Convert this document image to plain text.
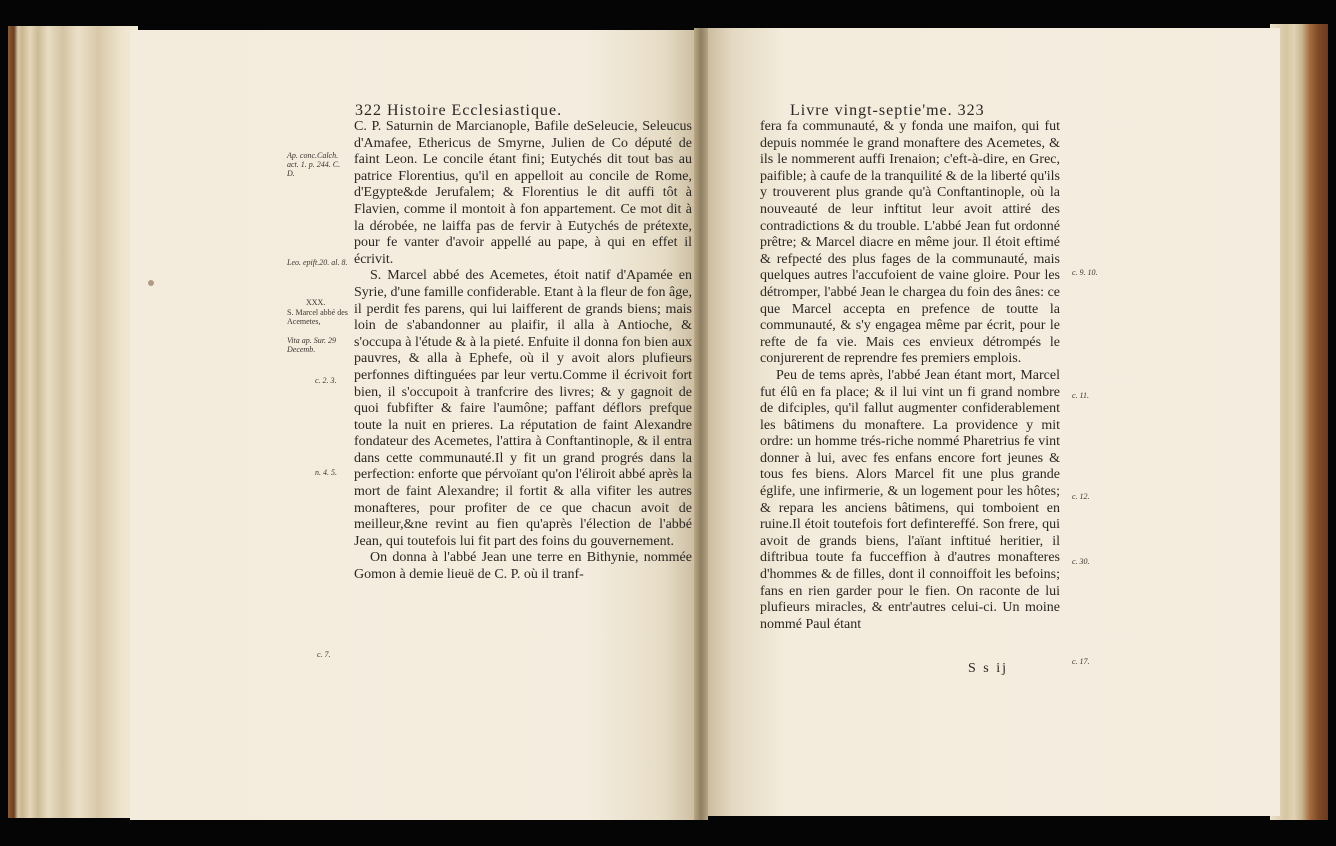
322 Histoire Ecclesiastique.
Ap. conc.Calch. act. 1. p. 244. C. D.
Leo. epift.20. al. 8.
XXX.
S. Marcel abbé des Acemetes,
Vita ap. Sur. 29 Decemb.
c. 2. 3.
n. 4. 5.
c. 7.

C. P. Saturnin de Marcianople, Bafile deSeleucie, Seleucus d'Amafee, Ethericus de Smyrne, Julien de Co député de faint Leon. Le concile étant fini; Eutychés dit tout bas au patrice Florentius, qu'il en appelloit au concile de Rome, d'Egypte&de Jerufalem; & Florentius le dit auffi tôt à Flavien, comme il montoit à fon appartement. Ce mot dit à la dérobée, ne laiffa pas de fervir à Eutychés de prétexte, pour fe vanter d'avoir appellé au pape, à qui en effet il écrivit.

S. Marcel abbé des Acemetes, étoit natif d'Apamée en Syrie, d'une famille confiderable. Etant à la fleur de fon âge, il perdit fes parens, qui lui laifferent de grands biens; mais loin de s'abandonner au plaifir, il alla à Antioche, & s'occupa à l'étude & à la pieté. Enfuite il donna fon bien aux pauvres, & alla à Ephefe, où il y avoit alors plufieurs perfonnes diftinguées par leur vertu.Comme il écrivoit fort bien, il s'occupoit à tranfcrire des livres; & y gagnoit de quoi fubfifter & faire l'aumône; paffant déflors prefque toute la nuit en prieres. La réputation de faint Alexandre fondateur des Acemetes, l'attira à Conftantinople, & il entra dans cette communauté.Il y fit un grand progrés dans la perfection: enforte que pérvoïant qu'on l'éliroit abbé après la mort de faint Alexandre; il fortit & alla vifiter les autres monafteres, pour profiter de ce que chacun avoit de meilleur,&ne revint au fien qu'après l'élection de l'abbé Jean, qui toutefois lui fit part des foins du gouvernement.

On donna à l'abbé Jean une terre en Bithynie, nommée Gomon à demie lieuë de C. P. où il tranf-

Livre vingt-septie'me. 323

fera fa communauté, & y fonda une maifon, qui fut depuis nommée le grand monaftere des Acemetes, & ils le nommerent auffi Irenaion; c'eft-à-dire, en Grec, paifible; à caufe de la tranquilité & de la liberté qu'ils y trouverent plus grande qu'à Conftantinople, où la nouveauté de leur inftitut leur avoit attiré des contradictions & du trouble. L'abbé Jean fut ordonné prêtre; & Marcel diacre en même jour. Il étoit eftimé & refpecté des plus fages de la communauté, mais quelques autres l'accufoient de vaine gloire. Pour les détromper, l'abbé Jean le chargea du foin des ânes: ce que Marcel accepta en prefence de toutte la communauté, & s'y engagea même par écrit, pour le refte de fa vie. Mais ces envieux détrompés le conjurerent de reprendre fes premiers emplois.

Peu de tems après, l'abbé Jean étant mort, Marcel fut élû en fa place; & il lui vint un fi grand nombre de difciples, qu'il fallut augmenter confiderablement les bâtimens du monaftere. La providence y mit ordre: un homme trés-riche nommé Pharetrius fe vint donner à lui, avec fes enfans encore fort jeunes & tous fes biens. Alors Marcel fit une plus grande églife, une infirmerie, & un logement pour les hôtes; & repara les anciens bâtimens, qui tomboient en ruine.Il étoit toutefois fort defintereffé. Son frere, qui avoit de grands biens, l'aïant inftitué heritier, il diftribua toute fa fucceffion à d'autres monafteres d'hommes & de filles, dont il connoiffoit les befoins; fans en rien garder pour le fien. On raconte de lui plufieurs miracles, & entr'autres celui-ci. Un moine nommé Paul étant

S s ij
c. 9. 10.
c. 11.
c. 12.
c. 30.
c. 17.
